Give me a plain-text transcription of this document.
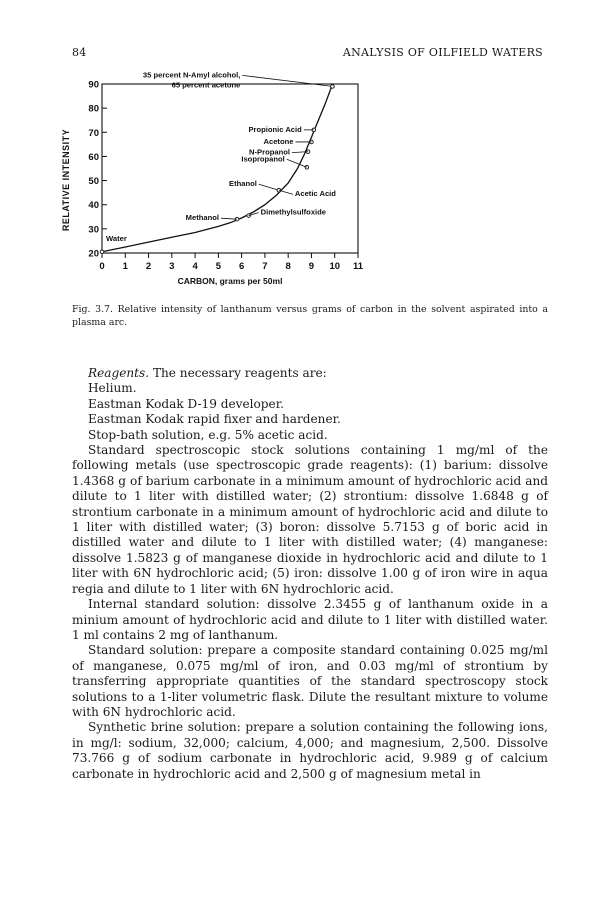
84	ANALYSIS OF OILFIELD WATERS
20
30
40
50
60
70
80
90
0 1 2 3 4 5 6 7 8 9 10 11
35 percent N-Amyl alcohol,
65 percent acetone
Propionic Acid
Acetone
N-Propanol
Isopropanol
Ethanol
Acetic Acid
Methanol
Dimethylsulfoxide
Water
RELATIVE INTENSITY
CARBON, grams per 50ml
Fig. 3.7. Relative intensity of lanthanum versus grams of carbon in the solvent aspirated into a plasma arc.

Reagents. The necessary reagents are:

Helium.
Eastman Kodak D-19 developer.
Eastman Kodak rapid fixer and hardener.
Stop-bath solution, e.g. 5% acetic acid.

Standard spectroscopic stock solutions containing 1 mg/ml of the following metals (use spectroscopic grade reagents): (1) barium: dissolve 1.4368 g of barium carbonate in a minimum amount of hydrochloric acid and dilute to 1 liter with distilled water; (2) strontium: dissolve 1.6848 g of strontium carbonate in a minimum amount of hydrochloric acid and dilute to 1 liter with distilled water; (3) boron: dissolve 5.7153 g of boric acid in distilled water and dilute to 1 liter with distilled water; (4) manganese: dissolve 1.5823 g of manganese dioxide in hydrochloric acid and dilute to 1 liter with 6N hydrochloric acid; (5) iron: dissolve 1.00 g of iron wire in aqua regia and dilute to 1 liter with 6N hydrochloric acid.

Internal standard solution: dissolve 2.3455 g of lanthanum oxide in a minium amount of hydrochloric acid and dilute to 1 liter with distilled water. 1 ml contains 2 mg of lanthanum.

Standard solution: prepare a composite standard containing 0.025 mg/ml of manganese, 0.075 mg/ml of iron, and 0.03 mg/ml of strontium by transferring appropriate quantities of the standard spectroscopy stock solutions to a 1-liter volumetric flask. Dilute the resultant mixture to volume with 6N hydrochloric acid.

Synthetic brine solution: prepare a solution containing the following ions, in mg/l: sodium, 32,000; calcium, 4,000; and magnesium, 2,500. Dissolve 73.766 g of sodium carbonate in hydrochloric acid, 9.989 g of calcium carbonate in hydrochloric acid and 2,500 g of magnesium metal in
